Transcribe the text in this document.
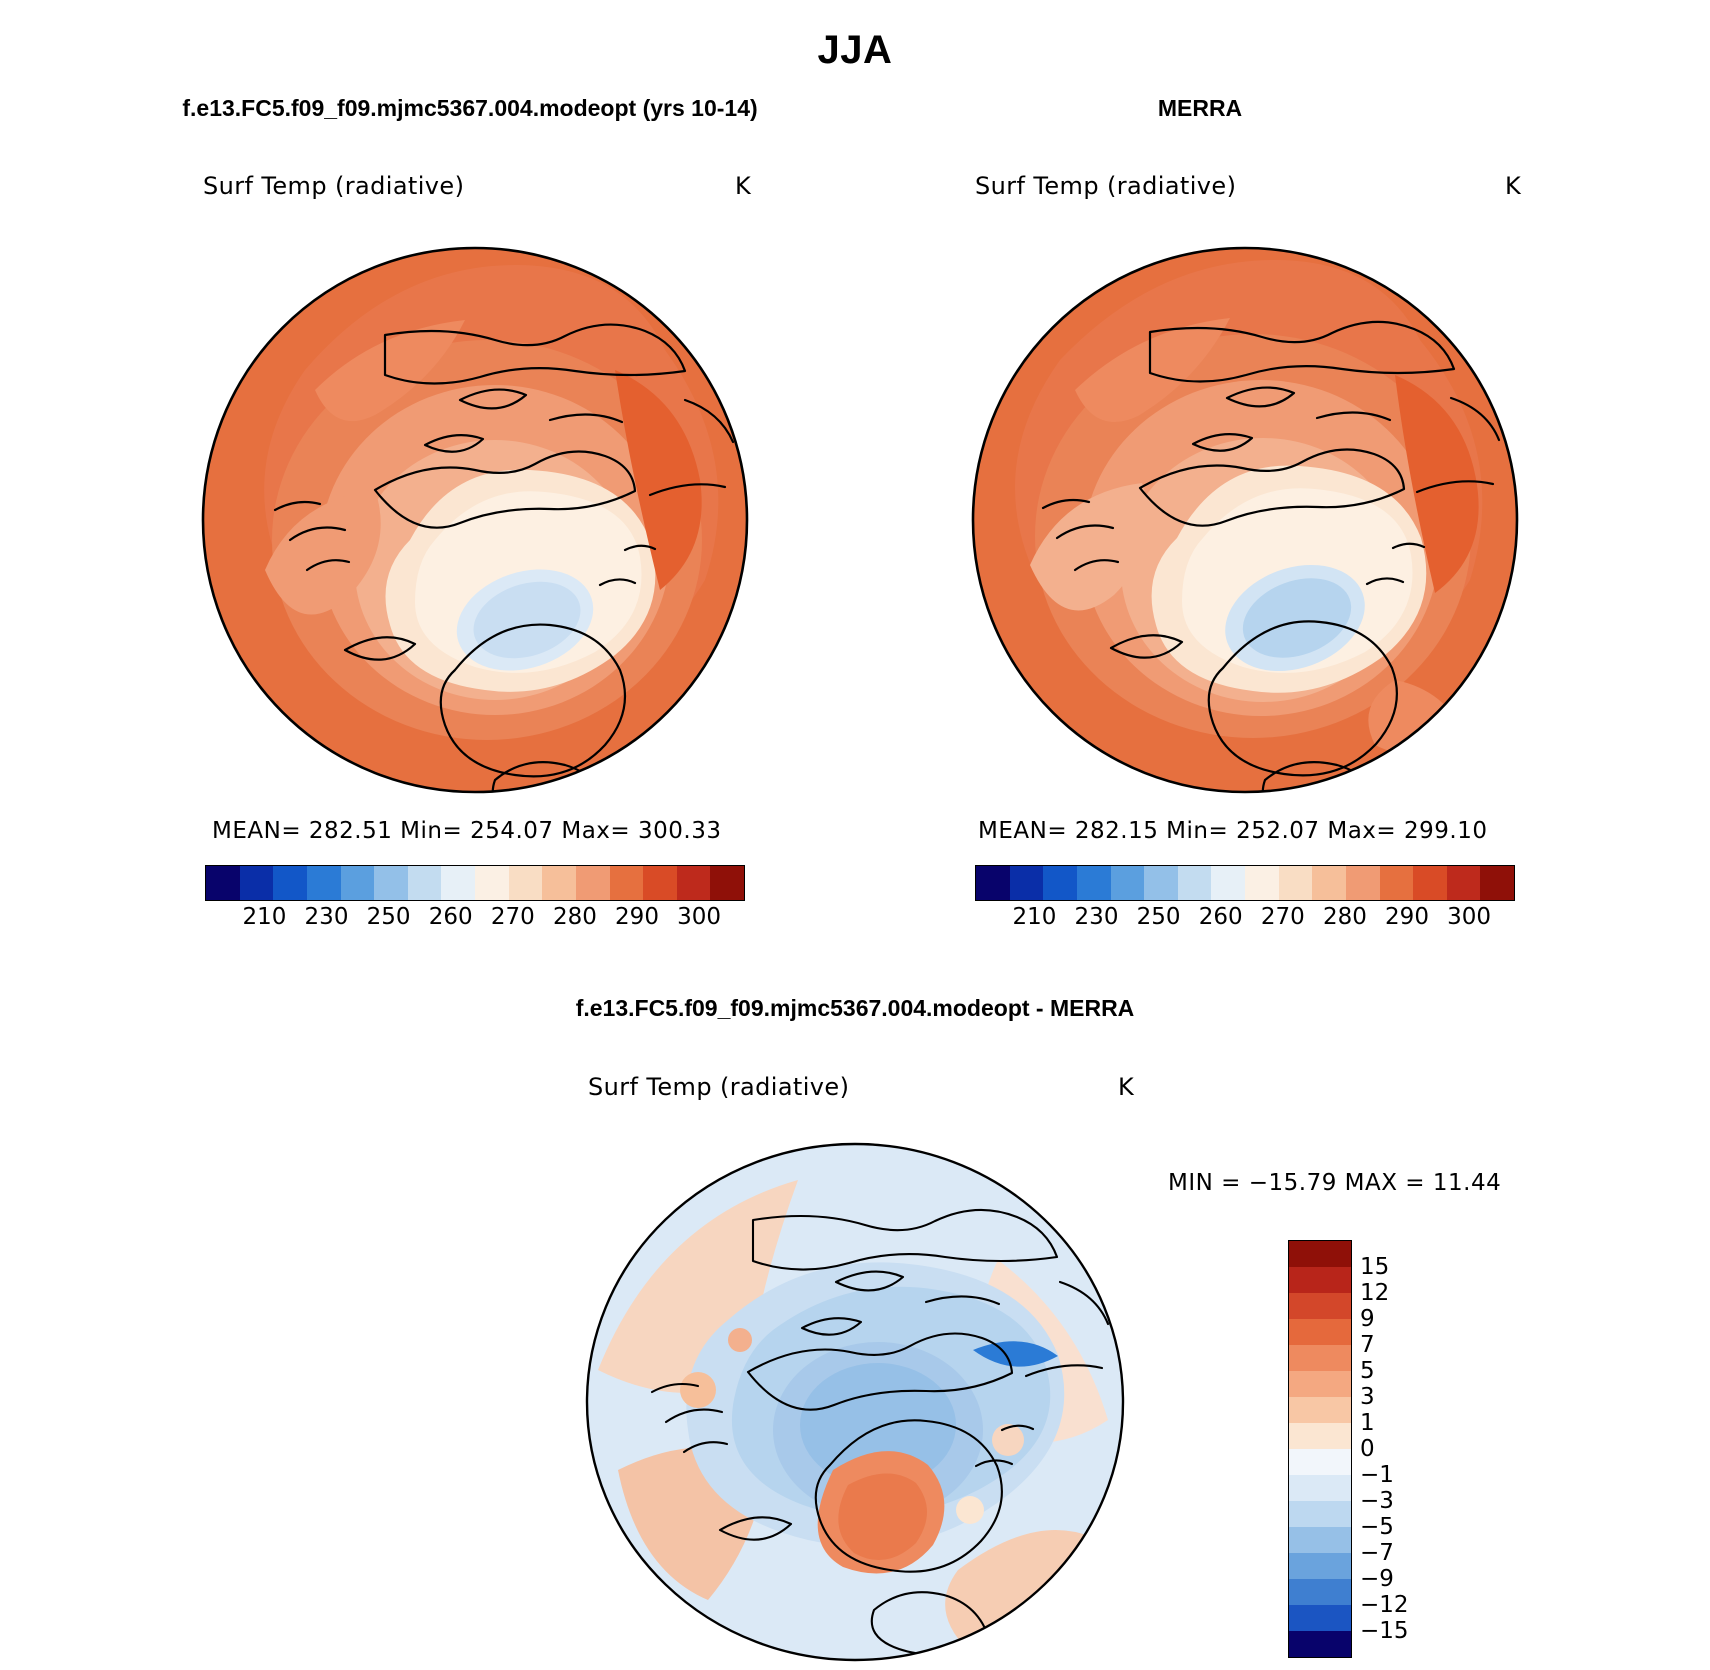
JJA
f.e13.FC5.f09_f09.mjmc5367.004.modeopt (yrs 10-14)
Surf Temp (radiative)	K
MEAN= 282.51 Min= 254.07 Max= 300.33
210 230 250 260 270 280 290 300
MERRA
Surf Temp (radiative)	K
MEAN= 282.15 Min= 252.07 Max= 299.10
210 230 250 260 270 280 290 300
f.e13.FC5.f09_f09.mjmc5367.004.modeopt - MERRA
Surf Temp (radiative)	K
MIN = −15.79 MAX = 11.44
15
12
9
7
5
3
1
0
−1
−3
−5
−7
−9
−12
−15
